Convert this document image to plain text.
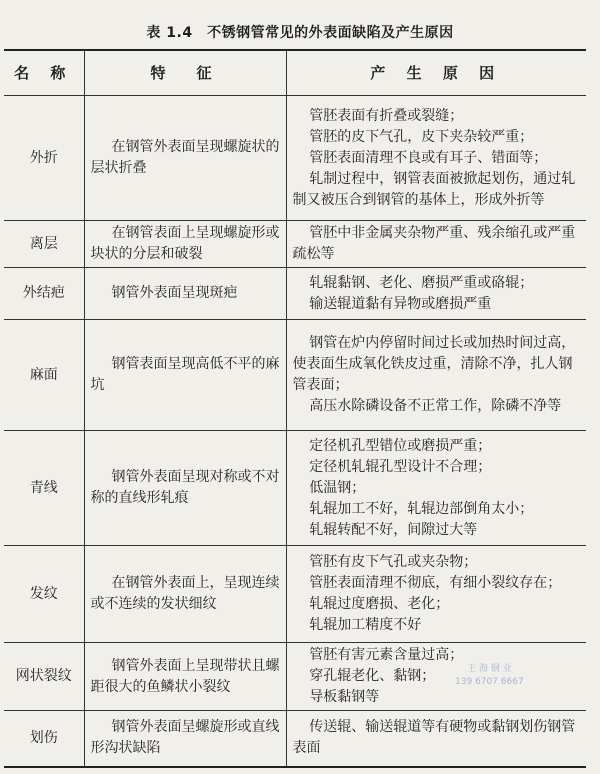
表 1.4　不锈钢管常见的外表面缺陷及产生原因
名 称	特　征	产 生 原 因
外折	在钢管外表面呈现螺旋状的层状折叠	管胚表面有折叠或裂缝；

管胚的皮下气孔，皮下夹杂较严重；

管胚表面清理不良或有耳子、错面等；

轧制过程中，钢管表面被掀起划伤，通过轧制又被压合到钢管的基体上，形成外折等

离层	在钢管表面上呈现螺旋形或块状的分层和破裂	管胚中非金属夹杂物严重、残余缩孔或严重疏松等

外结疤	钢管外表面呈现斑疤	轧辊黏钢、老化、磨损严重或硌辊；

输送辊道黏有异物或磨损严重

麻面	钢管表面呈现高低不平的麻坑	钢管在炉内停留时间过长或加热时间过高，使表面生成氧化铁皮过重，清除不净，扎人钢管表面；

高压水除磷设备不正常工作，除磷不净等

青线	钢管外表面呈现对称或不对称的直线形轧痕	定径机孔型错位或磨损严重；

定径机轧辊孔型设计不合理；

低温钢；

轧辊加工不好，轧辊边部倒角太小；

轧辊转配不好，间隙过大等

发纹	在钢管外表面上，呈现连续或不连续的发状细纹	管胚有皮下气孔或夹杂物；

管胚表面清理不彻底，有细小裂纹存在；

轧辊过度磨损、老化；

轧辊加工精度不好

网状裂纹	钢管外表面上呈现带状且螺距很大的鱼鳞状小裂纹	管胚有害元素含量过高；

穿孔辊老化、黏钢；

导板黏钢等

划伤	钢管外表面呈螺旋形或直线形沟状缺陷	传送辊、输送辊道等有硬物或黏钢划伤钢管表面

王 海 钢 业
139 6707 6667
